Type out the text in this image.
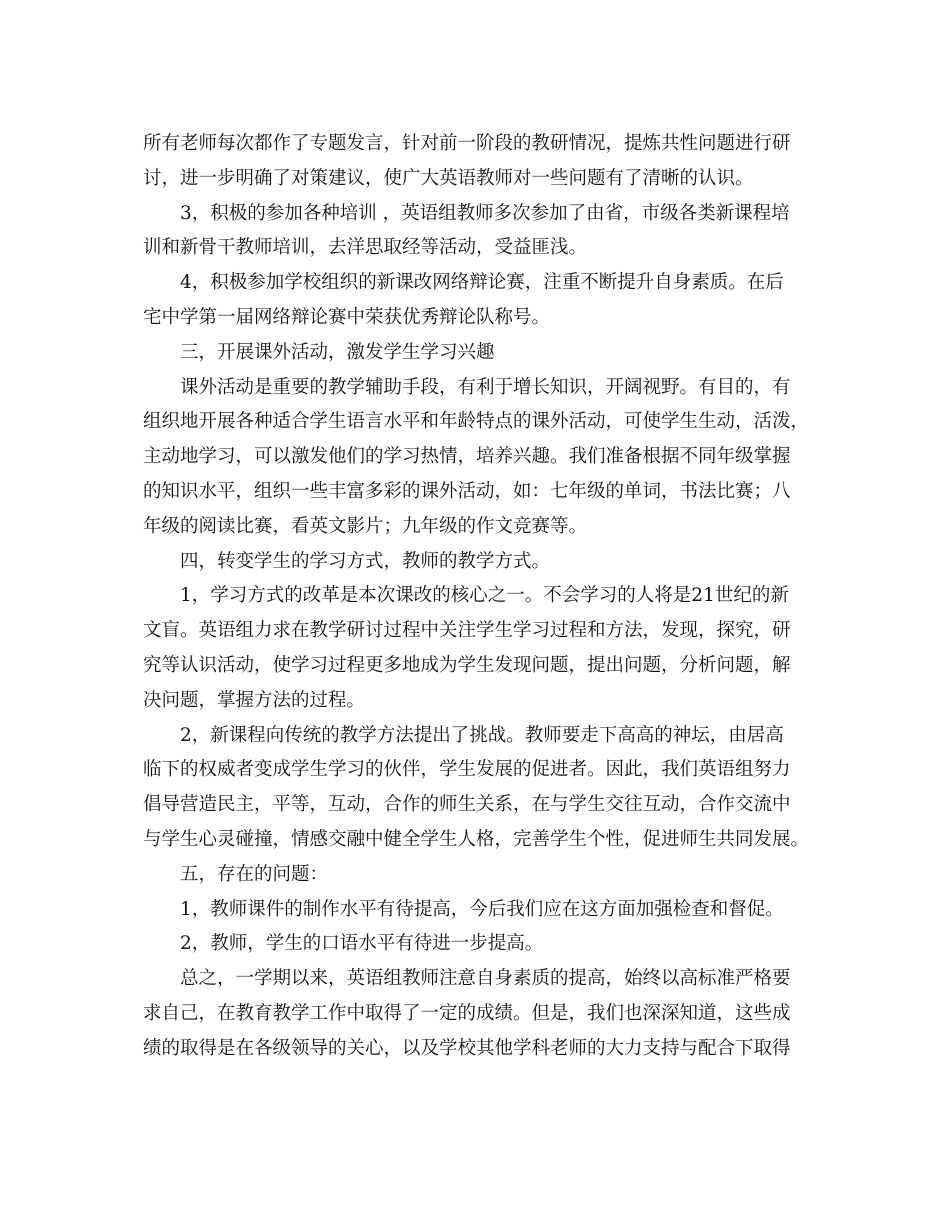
所有老师每次都作了专题发言，针对前一阶段的教研情况，提炼共性问题进行研
讨，进一步明确了对策建议，使广大英语教师对一些问题有了清晰的认识。
3，积极的参加各种培训 ，英语组教师多次参加了由省，市级各类新课程培
训和新骨干教师培训，去洋思取经等活动，受益匪浅。
4，积极参加学校组织的新课改网络辩论赛，注重不断提升自身素质。在后
宅中学第一届网络辩论赛中荣获优秀辩论队称号。
三，开展课外活动，激发学生学习兴趣
课外活动是重要的教学辅助手段，有利于增长知识，开阔视野。有目的，有
组织地开展各种适合学生语言水平和年龄特点的课外活动，可使学生生动，活泼，
主动地学习，可以激发他们的学习热情，培养兴趣。我们准备根据不同年级掌握
的知识水平，组织一些丰富多彩的课外活动，如：七年级的单词，书法比赛；八
年级的阅读比赛，看英文影片；九年级的作文竞赛等。
四，转变学生的学习方式，教师的教学方式。
1，学习方式的改革是本次课改的核心之一。不会学习的人将是21世纪的新
文盲。英语组力求在教学研讨过程中关注学生学习过程和方法，发现，探究，研
究等认识活动，使学习过程更多地成为学生发现问题，提出问题，分析问题，解
决问题，掌握方法的过程。
2，新课程向传统的教学方法提出了挑战。教师要走下高高的神坛，由居高
临下的权威者变成学生学习的伙伴，学生发展的促进者。因此，我们英语组努力
倡导营造民主，平等，互动，合作的师生关系，在与学生交往互动，合作交流中
与学生心灵碰撞，情感交融中健全学生人格，完善学生个性，促进师生共同发展。
五，存在的问题：
1，教师课件的制作水平有待提高，今后我们应在这方面加强检查和督促。
2，教师，学生的口语水平有待进一步提高。
总之，一学期以来，英语组教师注意自身素质的提高，始终以高标准严格要
求自己，在教育教学工作中取得了一定的成绩。但是，我们也深深知道，这些成
绩的取得是在各级领导的关心，以及学校其他学科老师的大力支持与配合下取得
